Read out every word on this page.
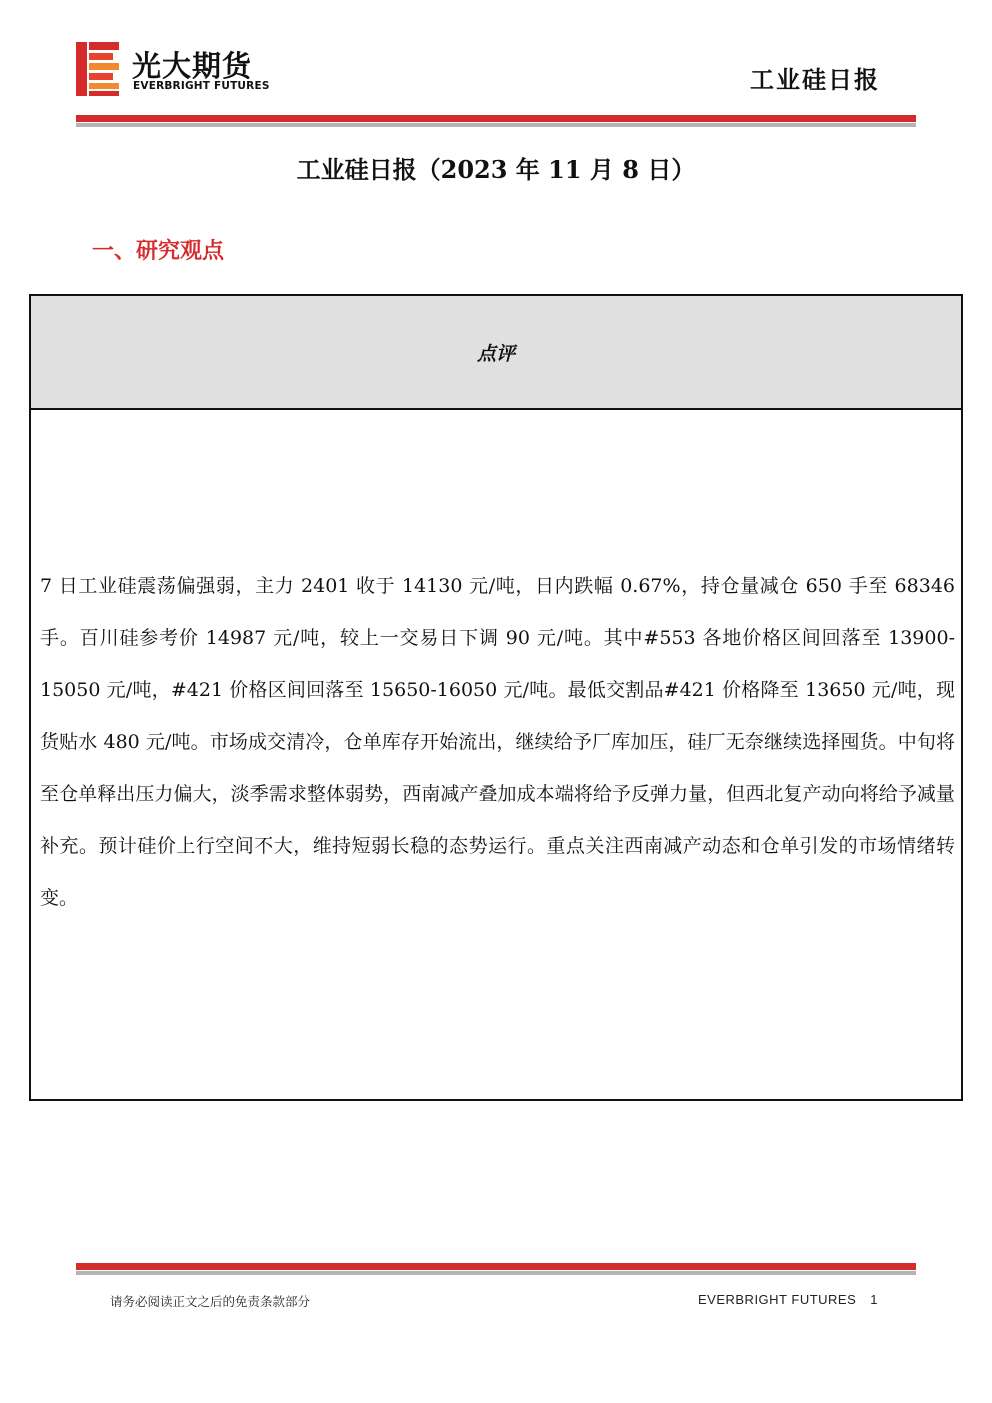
光大期货
EVERBRIGHT FUTURES	工业硅日报
工业硅日报（2023 年 11 月 8 日）
一、研究观点
点评
7 日工业硅震荡偏强弱，主力 2401 收于 14130 元/吨，日内跌幅 0.67%，持仓量减仓 650 手至 68346 手。百川硅参考价 14987 元/吨，较上一交易日下调 90 元/吨。其中#553 各地价格区间回落至 13900-15050 元/吨，#421 价格区间回落至 15650-16050 元/吨。最低交割品#421 价格降至 13650 元/吨，现货贴水 480 元/吨。市场成交清冷，仓单库存开始流出，继续给予厂库加压，硅厂无奈继续选择囤货。中旬将至仓单释出压力偏大，淡季需求整体弱势，西南减产叠加成本端将给予反弹力量，但西北复产动向将给予减量补充。预计硅价上行空间不大，维持短弱长稳的态势运行。重点关注西南减产动态和仓单引发的市场情绪转变。
请务必阅读正文之后的免责条款部分	EVERBRIGHT FUTURES 1
